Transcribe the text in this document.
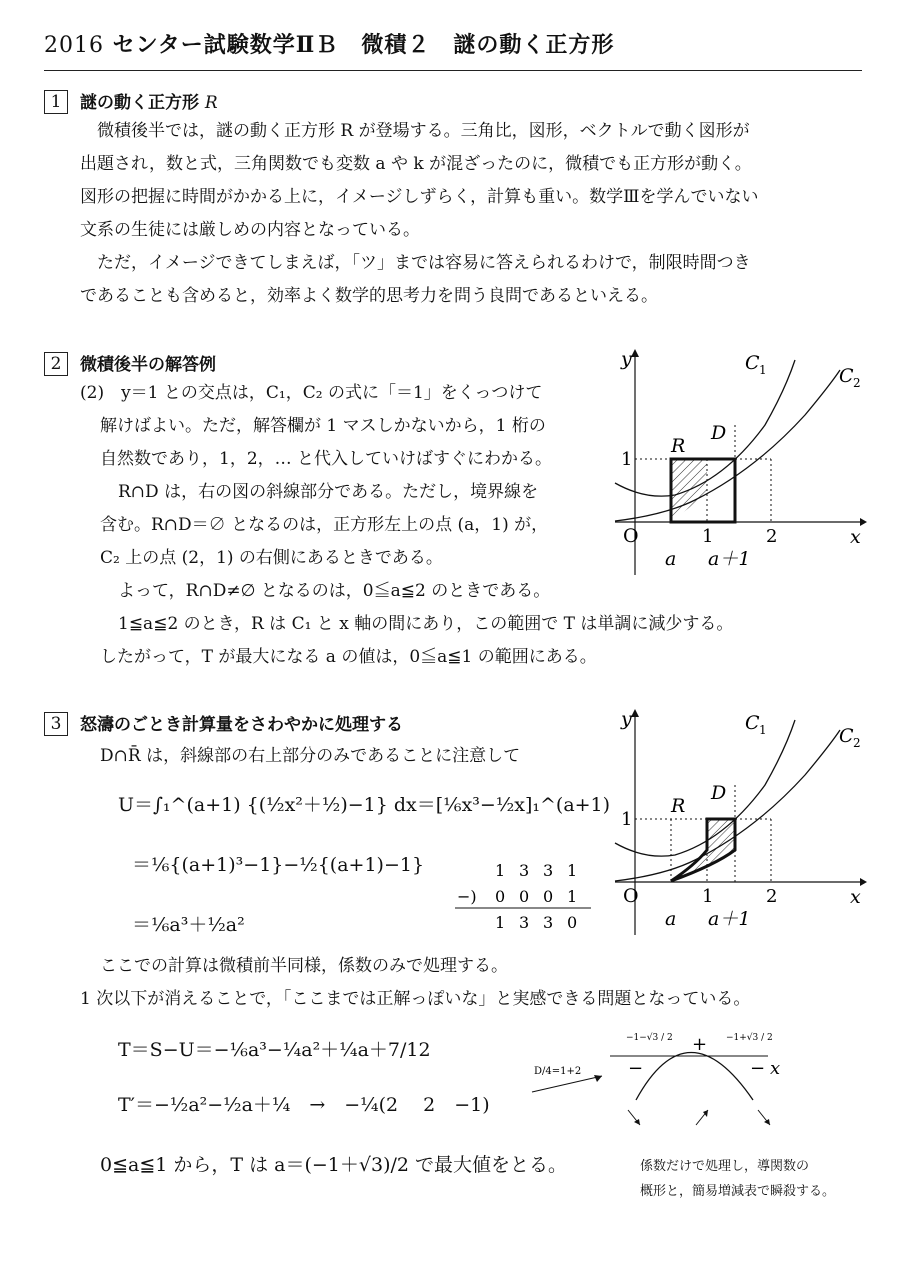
2016 センター試験数学ⅡＢ　微積２　謎の動く正方形
1	謎の動く正方形 R
　微積後半では，謎の動く正方形 R が登場する。三角比，図形，ベクトルで動く図形が
出題され，数と式，三角関数でも変数 a や k が混ざったのに，微積でも正方形が動く。
図形の把握に時間がかかる上に，イメージしずらく，計算も重い。数学Ⅲを学んでいない
文系の生徒には厳しめの内容となっている。
　ただ，イメージできてしまえば，「ツ」までは容易に答えられるわけで，制限時間つき
であることも含めると，効率よく数学的思考力を問う良問であるといえる。
2	微積後半の解答例
(2)　y＝1 との交点は，C₁，C₂ の式に「＝1」をくっつけて
解けばよい。ただ，解答欄が 1 マスしかないから，1 桁の
自然数であり，1，2，… と代入していけばすぐにわかる。
R∩D は，右の図の斜線部分である。ただし，境界線を
含む。R∩D＝∅ となるのは，正方形左上の点 (a，1) が，
C₂ 上の点 (2，1) の右側にあるときである。
よって，R∩D≠∅ となるのは，0≦a≦2 のときである。
1≦a≦2 のとき，R は C₁ と x 軸の間にあり，この範囲で T は単調に減少する。
したがって，T が最大になる a の値は，0≦a≦1 の範囲にある。
y
x
C 1	C 2
R
D
1
O	1	2
a a＋1
3	怒濤のごとき計算量をさわやかに処理する
D∩R̄ は，斜線部の右上部分のみであることに注意して
U＝∫₁^(a+1) {(½x²＋½)−1} dx＝[⅙x³−½x]₁^(a+1)
＝⅙{(a+1)³−1}−½{(a+1)−1}
＝⅙a³＋½a²
1 3 3 1
−) 0 0 0 1
1 3 3 0
y
x
C 1	C 2
R
D
1
O	1	2
a a＋1
ここでの計算は微積前半同様，係数のみで処理する。
1 次以下が消えることで，「ここまでは正解っぽいな」と実感できる問題となっている。
T＝S−U＝−⅙a³−¼a²＋¼a＋7/12
T′＝−½a²−½a＋¼　→　−¼(2　 2　−1)
D/4=1+2
−1−√3 / 2	−1+√3 / 2
+
−	− x
0≦a≦1 から，T は a＝(−1＋√3)/2 で最大値をとる。	係数だけで処理し，導関数の
概形と，簡易増減表で瞬殺する。
